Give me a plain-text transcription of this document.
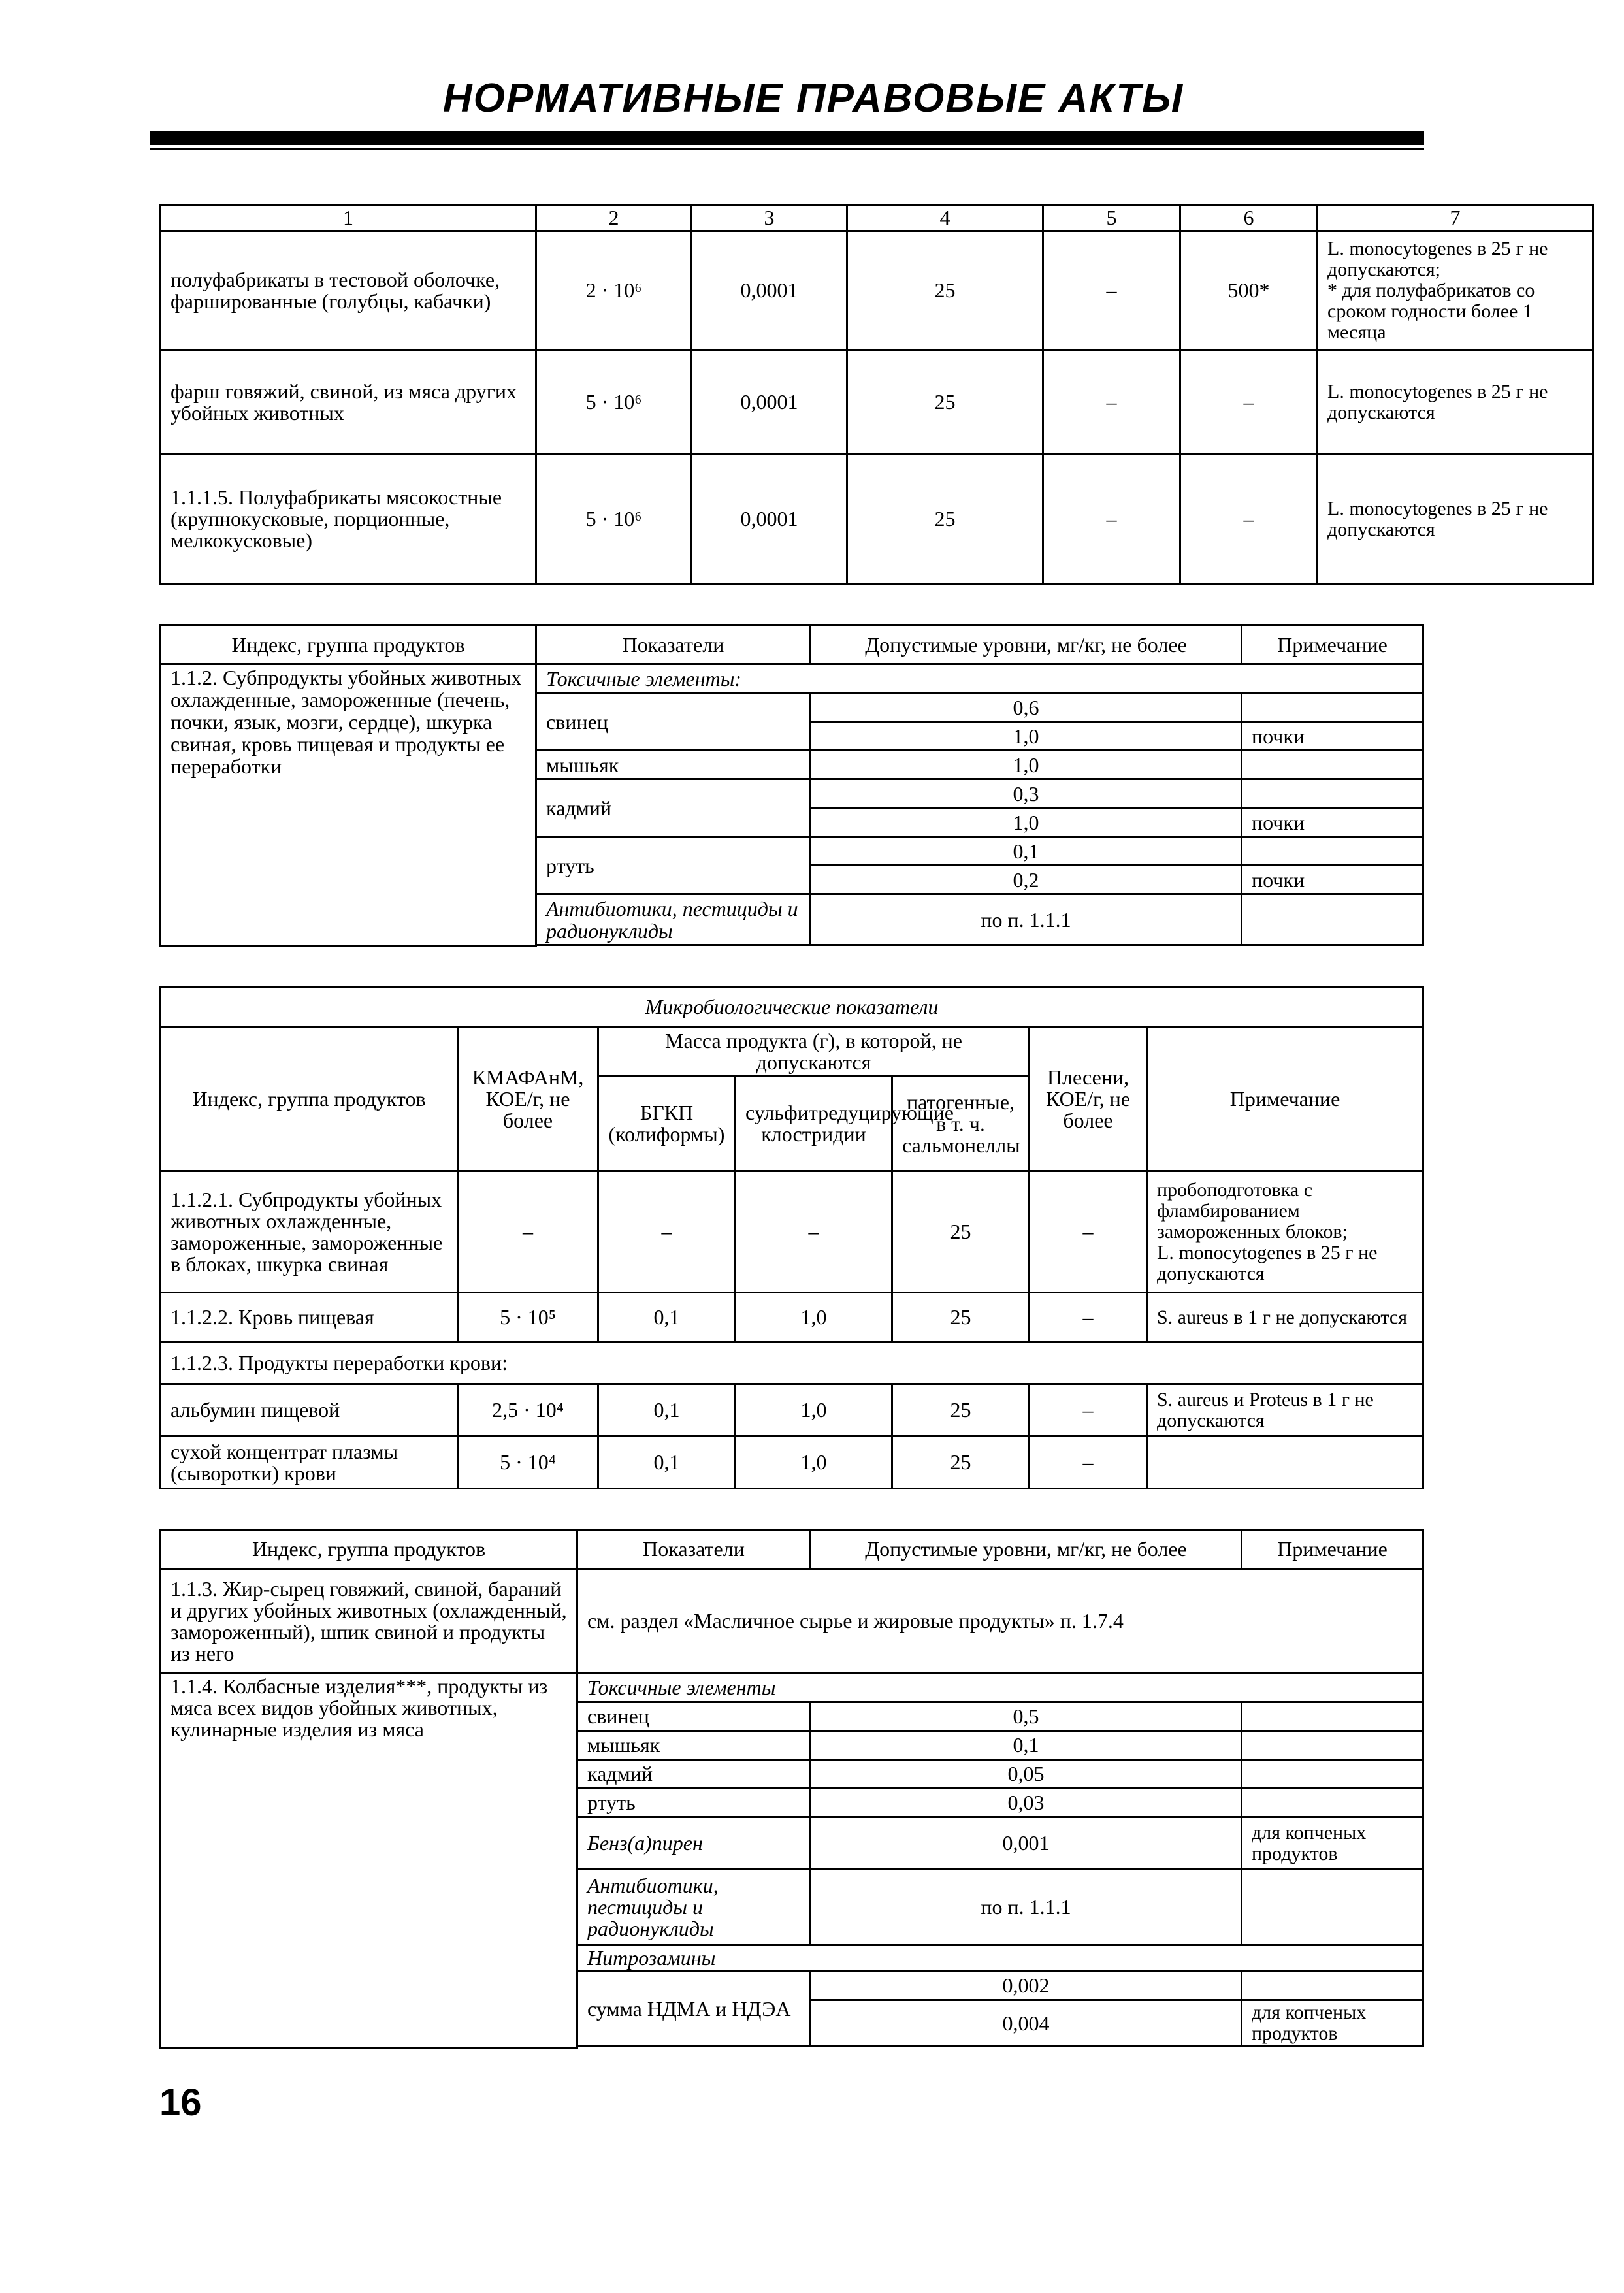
НОРМАТИВНЫЕ ПРАВОВЫЕ АКТЫ
1	2	3	4	5	6	7
полуфабрикаты в тестовой оболочке, фаршированные (голубцы, кабачки)	2 · 10⁶	0,0001	25	–	500*	L. monocytogenes в 25 г не допускаются;
* для полуфабрикатов со сроком годности более 1 месяца

фарш говяжий, свиной, из мяса других убойных животных	5 · 10⁶	0,0001	25	–	–	L. monocytogenes в 25 г не допускаются
1.1.1.5. Полуфабрикаты мясокостные (крупнокусковые, порционные, мелкокусковые)	5 · 10⁶	0,0001	25	–	–	L. monocytogenes в 25 г не допускаются
Индекс, группа продуктов	Показатели	Допустимые уровни, мг/кг, не более	Примечание
1.1.2. Субпродукты убойных животных охлажденные, замороженные (печень, почки, язык, мозги, сердце), шкурка свиная, кровь пищевая и продукты ее переработки	Токсичные элементы:		
	свинец	0,6	
		1,0	почки
	мышьяк	1,0	
	кадмий	0,3	
		1,0	почки
	ртуть	0,1	
		0,2	почки
	Антибиотики, пестициды и радионуклиды	по п. 1.1.1	

Микробиологические показатели						
Индекс, группа продуктов	КМАФАнМ, КОЕ/г, не более	Масса продукта (г), в которой, не допускаются			Плесени, КОЕ/г, не более	Примечание
		БГКП (колиформы)	сульфитредуцирующие клостридии	патогенные, в т. ч. сальмонеллы		
1.1.2.1. Субпродукты убойных животных охлажденные, замороженные, замороженные в блоках, шкурка свиная	–	–	–	25	–	пробоподготовка с фламбированием замороженных блоков;
L. monocytogenes в 25 г не допускаются

1.1.2.2. Кровь пищевая	5 · 10⁵	0,1	1,0	25	–	S. aureus в 1 г не допускаются
1.1.2.3. Продукты переработки крови:						
альбумин пищевой	2,5 · 10⁴	0,1	1,0	25	–	S. aureus и Proteus в 1 г не допускаются
сухой концентрат плазмы (сыворотки) крови	5 · 10⁴	0,1	1,0	25	–	
Индекс, группа продуктов	Показатели	Допустимые уровни, мг/кг, не более	Примечание
1.1.3. Жир-сырец говяжий, свиной, бараний и других убойных животных (охлажденный, замороженный), шпик свиной и продукты из него	см. раздел «Масличное сырье и жировые продукты» п. 1.7.4		
1.1.4. Колбасные изделия***, продукты из мяса всех видов убойных животных, кулинарные изделия из мяса	Токсичные элементы		
	свинец	0,5	
	мышьяк	0,1	
	кадмий	0,05	
	ртуть	0,03	
	Бенз(а)пирен	0,001	для копченых продуктов
	Антибиотики, пестициды и радионуклиды	по п. 1.1.1	
	Нитрозамины		
	сумма НДМА и НДЭА	0,002	
		0,004	для копченых продуктов

16
